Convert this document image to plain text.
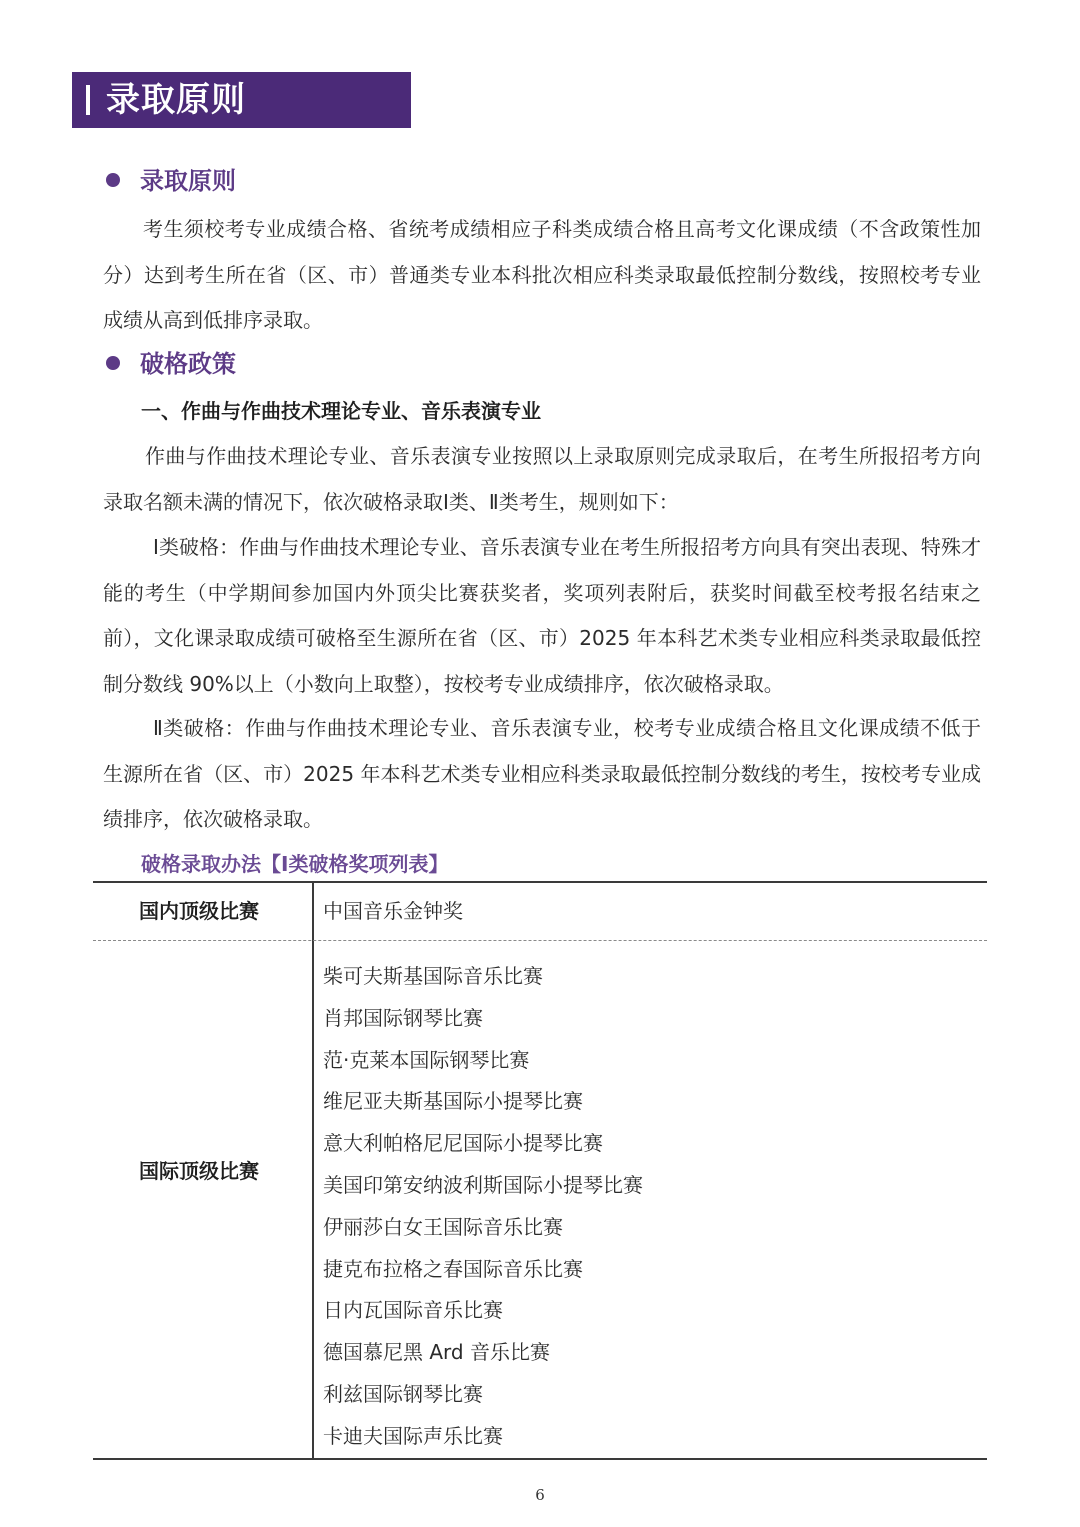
录取原则
录取原则

考生须校考专业成绩合格、省统考成绩相应子科类成绩合格且高考文化课成绩（不含政策性加分）达到考生所在省（区、市）普通类专业本科批次相应科类录取最低控制分数线，按照校考专业成绩从高到低排序录取。

破格政策
一、作曲与作曲技术理论专业、音乐表演专业

作曲与作曲技术理论专业、音乐表演专业按照以上录取原则完成录取后，在考生所报招考方向录取名额未满的情况下，依次破格录取Ⅰ类、Ⅱ类考生，规则如下：

Ⅰ类破格：作曲与作曲技术理论专业、音乐表演专业在考生所报招考方向具有突出表现、特殊才能的考生（中学期间参加国内外顶尖比赛获奖者，奖项列表附后，获奖时间截至校考报名结束之前），文化课录取成绩可破格至生源所在省（区、市）2025 年本科艺术类专业相应科类录取最低控制分数线 90%以上（小数向上取整），按校考专业成绩排序，依次破格录取。

Ⅱ类破格：作曲与作曲技术理论专业、音乐表演专业，校考专业成绩合格且文化课成绩不低于生源所在省（区、市）2025 年本科艺术类专业相应科类录取最低控制分数线的考生，按校考专业成绩排序，依次破格录取。

破格录取办法【Ⅰ类破格奖项列表】
国内顶级比赛	中国音乐金钟奖
国际顶级比赛
柴可夫斯基国际音乐比赛
肖邦国际钢琴比赛
范·克莱本国际钢琴比赛
维尼亚夫斯基国际小提琴比赛
意大利帕格尼尼国际小提琴比赛
美国印第安纳波利斯国际小提琴比赛
伊丽莎白女王国际音乐比赛
捷克布拉格之春国际音乐比赛
日内瓦国际音乐比赛
德国慕尼黑 Ard 音乐比赛
利兹国际钢琴比赛
卡迪夫国际声乐比赛
6
